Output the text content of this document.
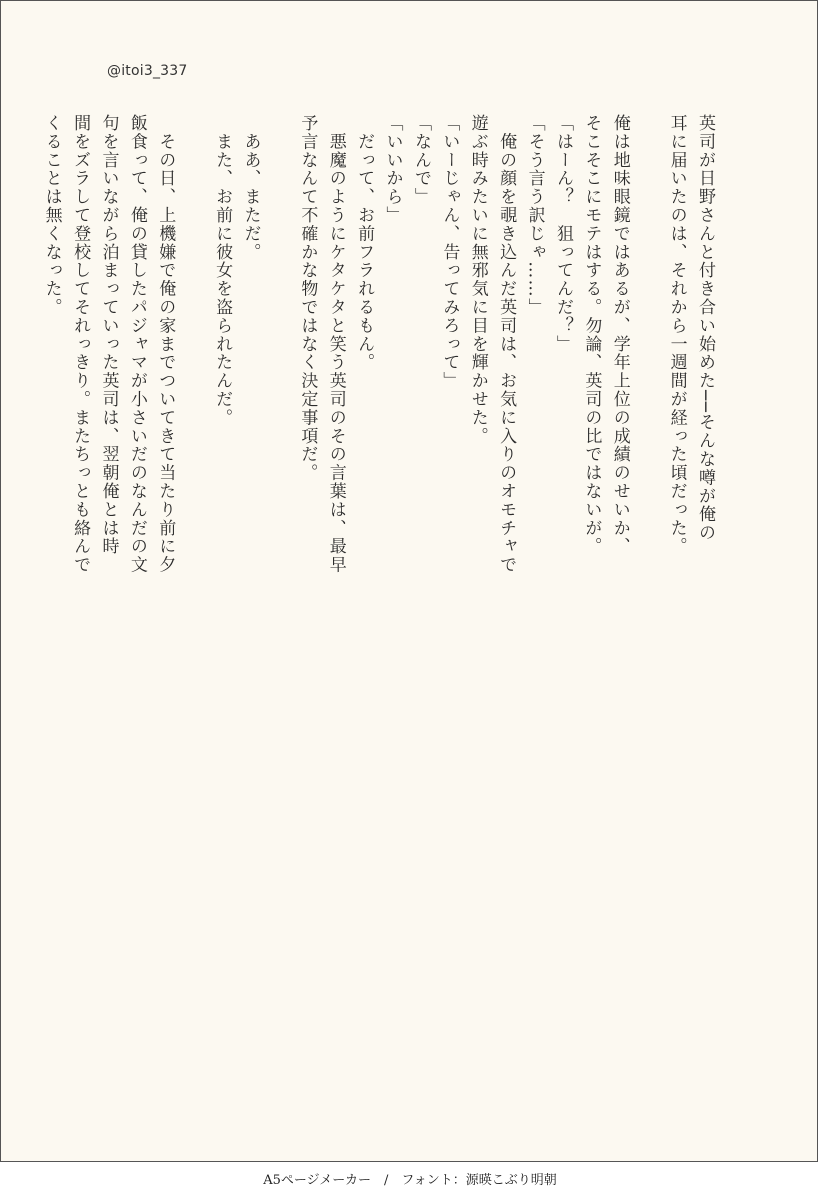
@itoi3_337
英司が日野さんと付き合い始めた──そんな噂が俺の
耳に届いたのは、それから一週間が経った頃だった。

俺は地味眼鏡ではあるが、学年上位の成績のせいか、
そこそこにモテはする。勿論、英司の比ではないが。
「はーん？　狙ってんだ？」
「そう言う訳じゃ……」
　俺の顔を覗き込んだ英司は、お気に入りのオモチャで
遊ぶ時みたいに無邪気に目を輝かせた。
「いーじゃん、告ってみろって」
「なんで」
「いいから」
　だって、お前フラれるもん。
　悪魔のようにケタケタと笑う英司のその言葉は、最早
予言なんて不確かな物ではなく決定事項だ。

　ああ、まただ。
　また、お前に彼女を盗られたんだ。

　その日、上機嫌で俺の家までついてきて当たり前に夕
飯食って、俺の貸したパジャマが小さいだのなんだの文
句を言いながら泊まっていった英司は、翌朝俺とは時
間をズラして登校してそれっきり。またちっとも絡んで
くることは無くなった。
A5ページメーカー　/　フォント：源暎こぶり明朝
